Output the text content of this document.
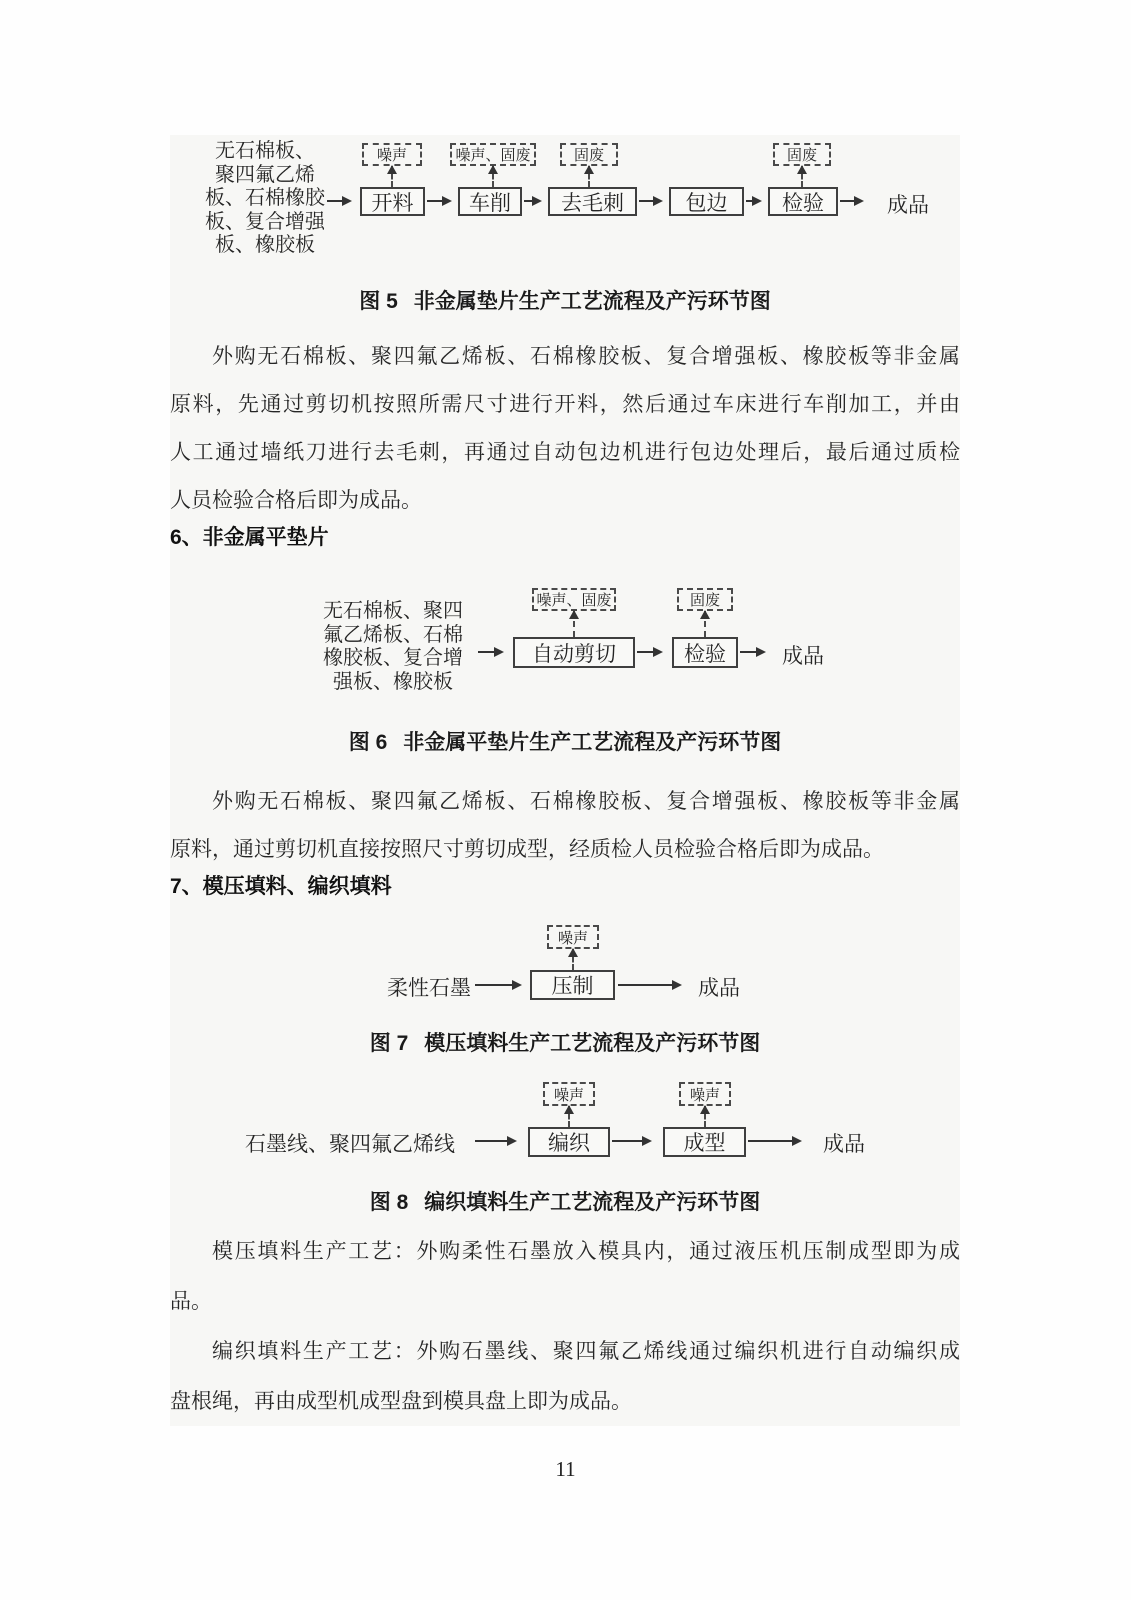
无石棉板、
聚四氟乙烯
板、石棉橡胶
板、复合增强
板、橡胶板
噪声	噪声、固废	固废	固废
开料	车削	去毛刺	包边	检验	成品
图 5 非金属垫片生产工艺流程及产污环节图
外购无石棉板、聚四氟乙烯板、石棉橡胶板、复合增强板、橡胶板等非金属
原料，先通过剪切机按照所需尺寸进行开料，然后通过车床进行车削加工，并由
人工通过墙纸刀进行去毛刺，再通过自动包边机进行包边处理后，最后通过质检
人员检验合格后即为成品。
6、非金属平垫片
无石棉板、聚四
氟乙烯板、石棉
橡胶板、复合增
强板、橡胶板
噪声、固废	固废
自动剪切	检验	成品
图 6 非金属平垫片生产工艺流程及产污环节图
外购无石棉板、聚四氟乙烯板、石棉橡胶板、复合增强板、橡胶板等非金属
原料，通过剪切机直接按照尺寸剪切成型，经质检人员检验合格后即为成品。
7、模压填料、编织填料
噪声
柔性石墨	压制	成品
图 7 模压填料生产工艺流程及产污环节图
噪声	噪声
石墨线、聚四氟乙烯线	编织	成型	成品
图 8 编织填料生产工艺流程及产污环节图
模压填料生产工艺：外购柔性石墨放入模具内，通过液压机压制成型即为成
品。
编织填料生产工艺：外购石墨线、聚四氟乙烯线通过编织机进行自动编织成
盘根绳，再由成型机成型盘到模具盘上即为成品。
11
